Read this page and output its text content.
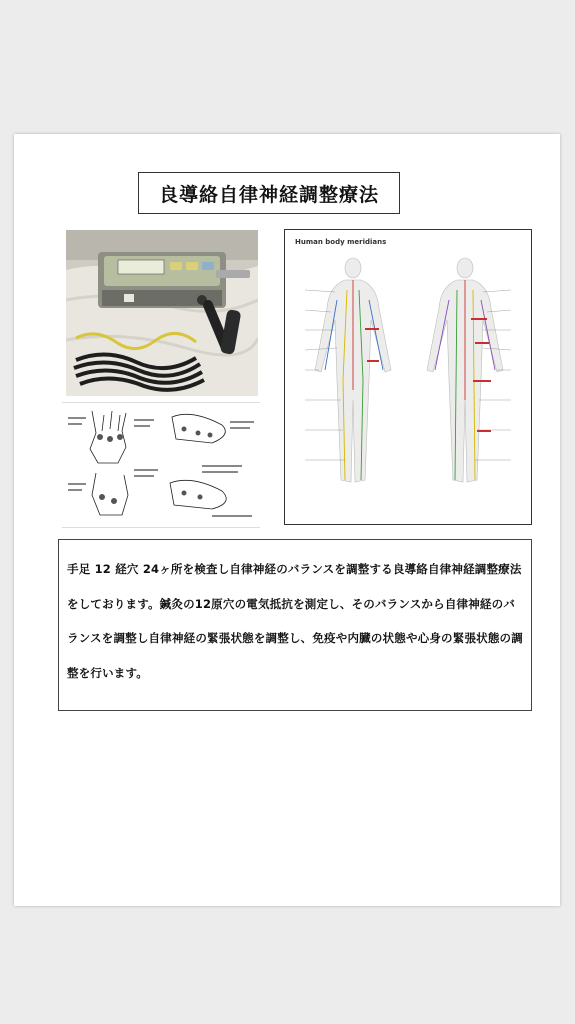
良導絡自律神経調整療法
Human body meridians

手足 12 経穴 24ヶ所を検査し自律神経のバランスを調整する良導絡自律神経調整療法をしております。鍼灸の12原穴の電気抵抗を測定し、そのバランスから自律神経のバランスを調整し自律神経の緊張状態を調整し、免疫や内臓の状態や心身の緊張状態の調整を行います。
